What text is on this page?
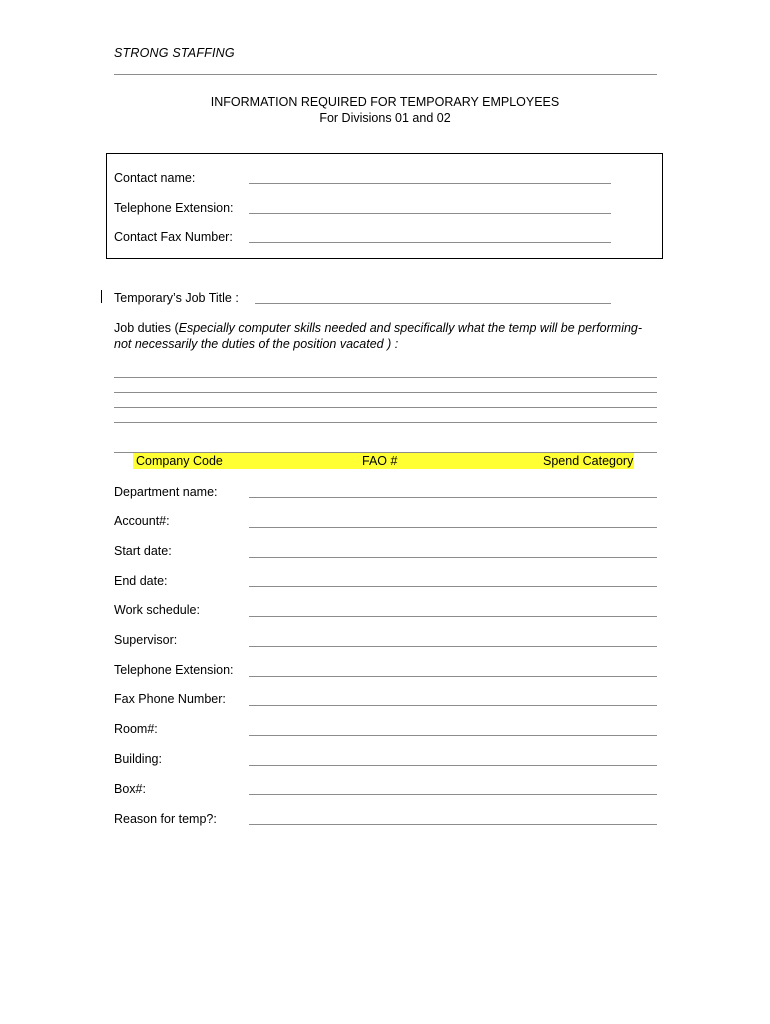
STRONG STAFFING
INFORMATION REQUIRED FOR TEMPORARY EMPLOYEES
For Divisions 01 and 02
Contact name:
Telephone Extension:
Contact Fax Number:
Temporary’s Job Title :
Job duties (Especially computer skills needed and specifically what the temp will be performing- not necessarily the duties of the position vacated ) :
Company Code	FAO #	Spend Category
Department name:
Account#:
Start date:
End date:
Work schedule:
Supervisor:
Telephone Extension:
Fax Phone Number:
Room#:
Building:
Box#:
Reason for temp?:
